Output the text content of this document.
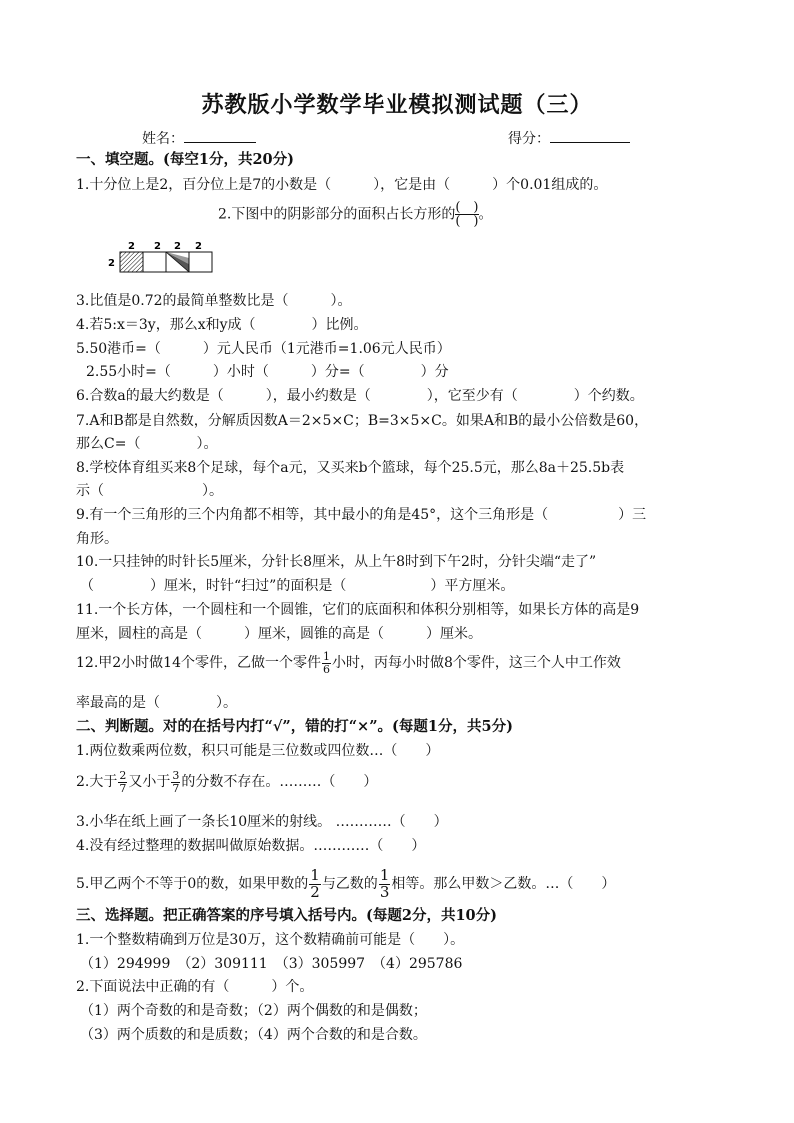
苏教版小学数学毕业模拟测试题（三）
姓名：	得分：
一、填空题。(每空1分，共20分)
1.十分位上是2，百分位上是7的小数是（　　　），它是由（　　　）个0.01组成的。
2.下图中的阴影部分的面积占长方形的 $\frac{( )}{( )}$ 。
2 2 2 2
2
3.比值是0.72的最简单整数比是（　　　）。
4.若5:x＝3y，那么x和y成（　　　　）比例。
5.50港币=（　　　）元人民币（1元港币=1.06元人民币）
2.55小时=（　　　）小时（　　　）分=（　　　　）分
6.合数a的最大约数是（　　　），最小约数是（　　　　），它至少有（　　　　）个约数。
7.A和B都是自然数，分解质因数A＝2×5×C；B=3×5×C。如果A和B的最小公倍数是60，
那么C=（　　　　）。
8.学校体育组买来8个足球，每个a元，又买来b个篮球，每个25.5元，那么8a＋25.5b表
示（　　　　　　　）。
9.有一个三角形的三个内角都不相等，其中最小的角是45°，这个三角形是（　　　　　）三
角形。
10.一只挂钟的时针长5厘米，分针长8厘米，从上午8时到下午2时，分针尖端“走了”
（　　　　）厘米，时针“扫过”的面积是（　　　　　　）平方厘米。
11.一个长方体，一个圆柱和一个圆锥，它们的底面积和体积分别相等，如果长方体的高是9
厘米，圆柱的高是（　　　）厘米，圆锥的高是（　　　）厘米。
12.甲2小时做14个零件，乙做一个零件 $\frac{1}{6}$ 小时，丙每小时做8个零件，这三个人中工作效
率最高的是（　　　　）。
二、判断题。对的在括号内打“√”，错的打“×”。(每题1分，共5分)
1.两位数乘两位数，积只可能是三位数或四位数…（　　）
2.大于 $\frac{2}{7}$ 又小于 $\frac{3}{7}$ 的分数不存在。………（　　）
3.小华在纸上画了一条长10厘米的射线。 …………（　　）
4.没有经过整理的数据叫做原始数据。…………（　　）
5.甲乙两个不等于0的数，如果甲数的 $\frac{1}{2}$ 与乙数的 $\frac{1}{3}$ 相等。那么甲数＞乙数。…（　　）
三、选择题。把正确答案的序号填入括号内。(每题2分，共10分)
1.一个整数精确到万位是30万，这个数精确前可能是（　　）。
（1）294999　（2）309111　（3）305997　（4）295786
2.下面说法中正确的有（　　　）个。
（1）两个奇数的和是奇数；（2）两个偶数的和是偶数；
（3）两个质数的和是质数；（4）两个合数的和是合数。
